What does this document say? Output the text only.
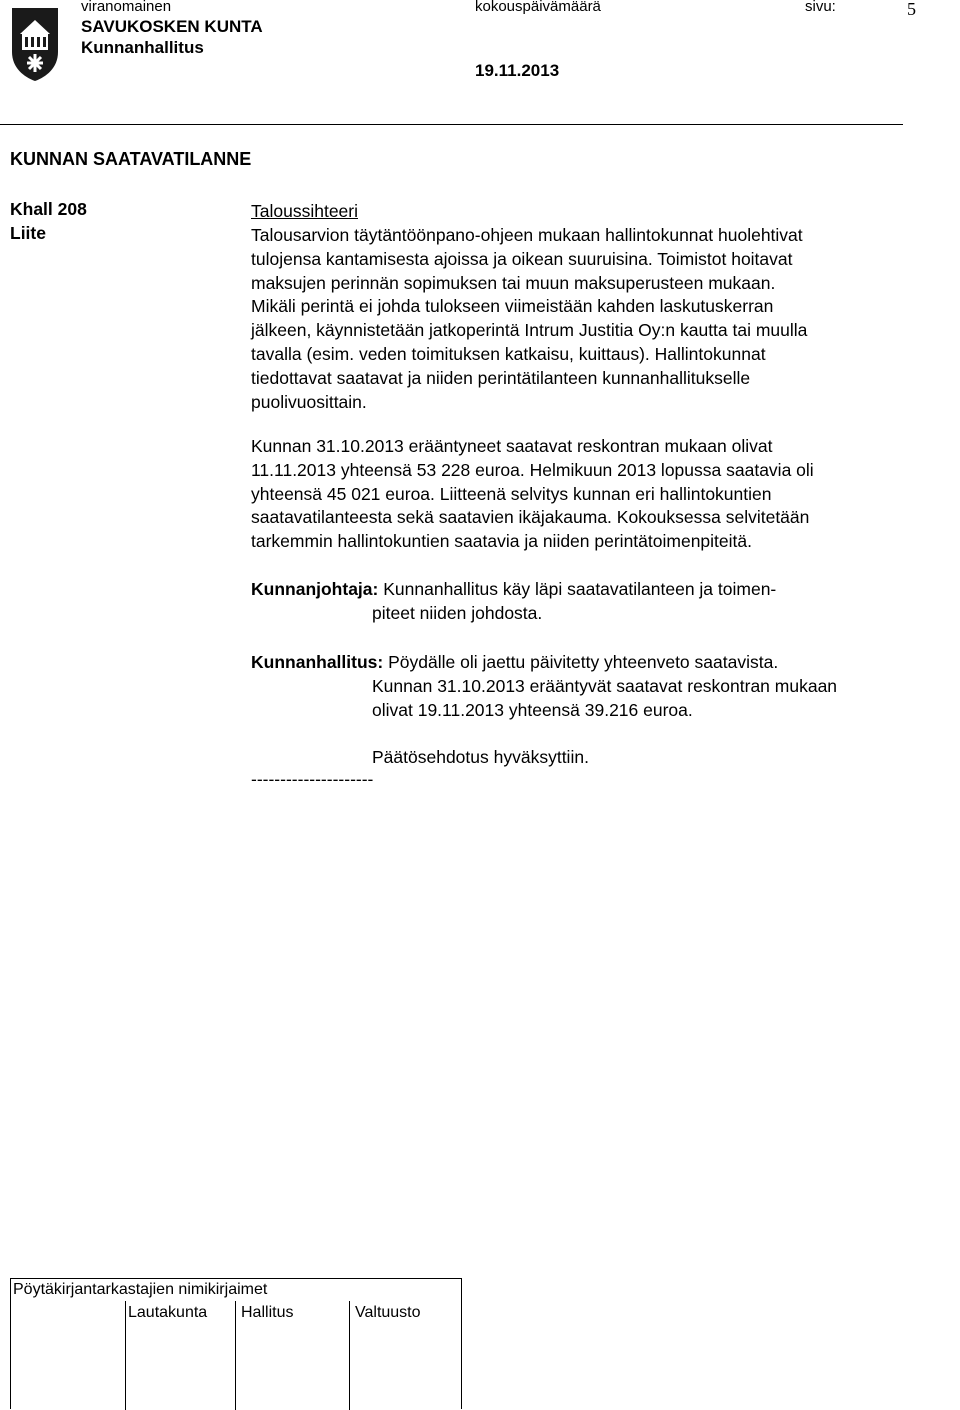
viranomainen	kokouspäivämäärä	sivu:	5
SAVUKOSKEN KUNTA
Kunnanhallitus
19.11.2013
KUNNAN SAATAVATILANNE
Khall 208
Liite
Taloussihteeri
Talousarvion täytäntöönpano-ohjeen mukaan hallintokunnat huolehtivat
tulojensa kantamisesta ajoissa ja oikean suuruisina. Toimistot hoitavat
maksujen perinnän sopimuksen tai muun maksuperusteen mukaan.
Mikäli perintä ei johda tulokseen viimeistään kahden laskutuskerran
jälkeen, käynnistetään jatkoperintä Intrum Justitia Oy:n kautta tai muulla
tavalla (esim. veden toimituksen katkaisu, kuittaus). Hallintokunnat
tiedottavat saatavat ja niiden perintätilanteen kunnanhallitukselle
puolivuosittain.
Kunnan 31.10.2013 erääntyneet saatavat reskontran mukaan olivat
11.11.2013 yhteensä 53 228 euroa. Helmikuun 2013 lopussa saatavia oli
yhteensä 45 021 euroa. Liitteenä selvitys kunnan eri hallintokuntien
saatavatilanteesta sekä saatavien ikäjakauma. Kokouksessa selvitetään
tarkemmin hallintokuntien saatavia ja niiden perintätoimenpiteitä.
Kunnanjohtaja: Kunnanhallitus käy läpi saatavatilanteen ja toimen-
piteet niiden johdosta.
Kunnanhallitus: Pöydälle oli jaettu päivitetty yhteenveto saatavista.
Kunnan 31.10.2013 erääntyvät saatavat reskontran mukaan
olivat 19.11.2013 yhteensä 39.216 euroa.
Päätösehdotus hyväksyttiin.
---------------------
Pöytäkirjantarkastajien nimikirjaimet
Lautakunta Hallitus	Valtuusto
